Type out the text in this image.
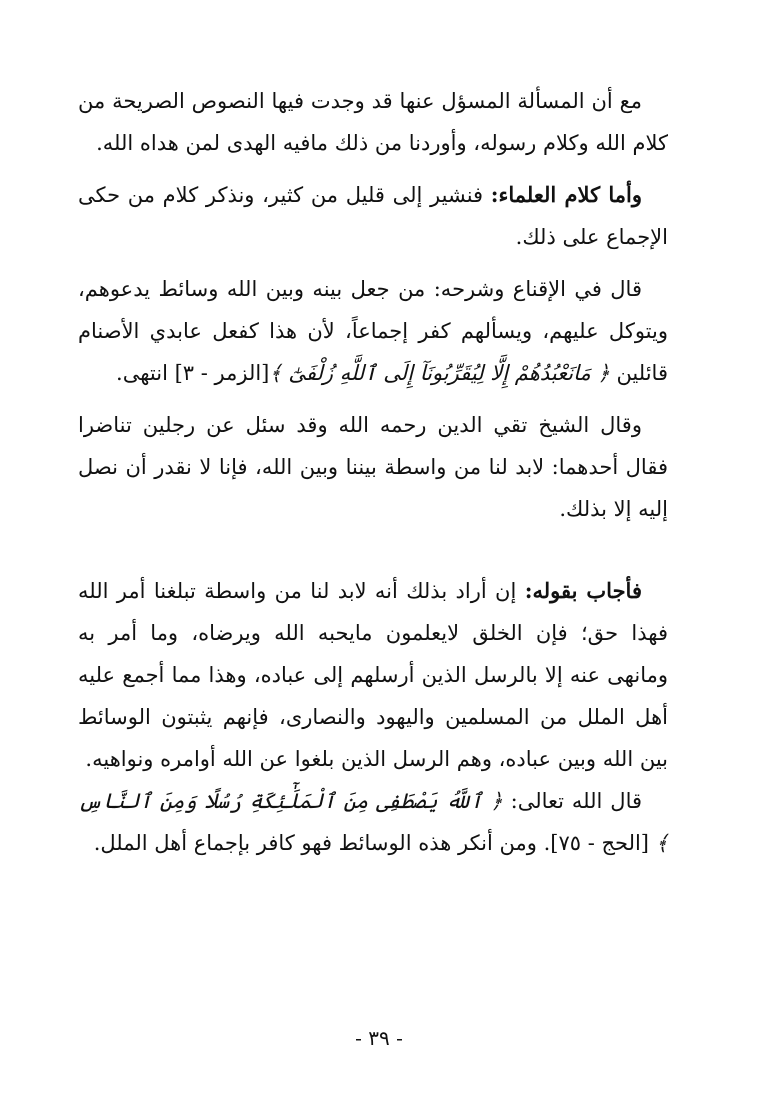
مع أن المسألة المسؤل عنها قد وجدت فيها النصوص الصريحة من كلام الله وكلام رسوله، وأوردنا من ذلك مافيه الهدى لمن هداه الله.

وأما كلام العلماء: فنشير إلى قليل من كثير، ونذكر كلام من حكى الإجماع على ذلك.

قال في الإقناع وشرحه: من جعل بينه وبين الله وسائط يدعوهم، ويتوكل عليهم، ويسألهم كفر إجماعاً، لأن هذا كفعل عابدي الأصنام قائلين ﴿ مَانَعْبُدُهُمْ إِلَّا لِيُقَرِّبُونَآ إِلَى ٱللَّهِ زُلْفَىٰٓ ﴾[الزمر - ٣] انتهى.

وقال الشيخ تقي الدين رحمه الله وقد سئل عن رجلين تناضرا فقال أحدهما: لابد لنا من واسطة بيننا وبين الله، فإنا لا نقدر أن نصل إليه إلا بذلك.

فأجاب بقوله: إن أراد بذلك أنه لابد لنا من واسطة تبلغنا أمر الله فهذا حق؛ فإن الخلق لايعلمون مايحبه الله ويرضاه، وما أمر به ومانهى عنه إلا بالرسل الذين أرسلهم إلى عباده، وهذا مما أجمع عليه أهل الملل من المسلمين واليهود والنصارى، فإنهم يثبتون الوسائط بين الله وبين عباده، وهم الرسل الذين بلغوا عن الله أوامره ونواهيه.

قال الله تعالى: ﴿ ٱللَّهُ يَصْطَفِى مِنَ ٱلْمَلَٰٓئِكَةِ رُسُلًا وَمِنَ ٱلنَّاسِ ﴾ [الحج - ٧٥]. ومن أنكر هذه الوسائط فهو كافر بإجماع أهل الملل.

- ٣٩ -
